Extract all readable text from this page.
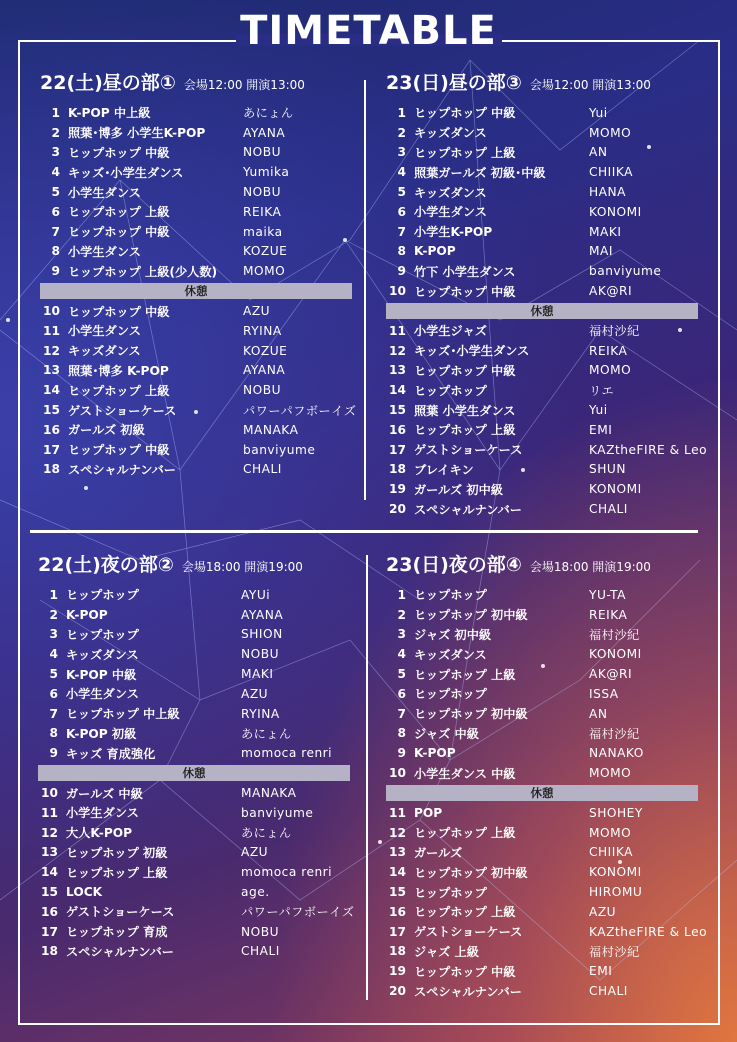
TIMETABLE
22(土)昼の部① 会場12:00 開演13:00
1 K-POP 中上級	あにょん
2 照葉･博多 小学生K-POP	AYANA
3 ヒップホップ 中級	NOBU
4 キッズ･小学生ダンス	Yumika
5 小学生ダンス	NOBU
6 ヒップホップ 上級	REIKA
7 ヒップホップ 中級	maika
8 小学生ダンス	KOZUE
9 ヒップホップ 上級(少人数) MOMO
休憩
10 ヒップホップ 中級	AZU
11 小学生ダンス	RYINA
12 キッズダンス	KOZUE
13 照葉･博多 K-POP	AYANA
14 ヒップホップ 上級	NOBU
15 ゲストショーケース	パワーパフボーイズ
16 ガールズ 初級	MANAKA
17 ヒップホップ 中級	banviyume
18 スペシャルナンバー	CHALI
23(日)昼の部③ 会場12:00 開演13:00
1 ヒップホップ 中級	Yui
2 キッズダンス	MOMO
3 ヒップホップ 上級	AN
4 照葉ガールズ 初級･中級	CHIIKA
5 キッズダンス	HANA
6 小学生ダンス	KONOMI
7 小学生K-POP	MAKI
8 K-POP	MAI
9 竹下 小学生ダンス	banviyume
10 ヒップホップ 中級	AK@RI
休憩
11 小学生ジャズ	福村沙紀
12 キッズ･小学生ダンス	REIKA
13 ヒップホップ 中級	MOMO
14 ヒップホップ	リエ
15 照葉 小学生ダンス	Yui
16 ヒップホップ 上級	EMI
17 ゲストショーケース	KAZtheFIRE & Leo
18 ブレイキン	SHUN
19 ガールズ 初中級	KONOMI
20 スペシャルナンバー	CHALI
22(土)夜の部② 会場18:00 開演19:00
1 ヒップホップ	AYUi
2 K-POP	AYANA
3 ヒップホップ	SHION
4 キッズダンス	NOBU
5 K-POP 中級	MAKI
6 小学生ダンス	AZU
7 ヒップホップ 中上級	RYINA
8 K-POP 初級	あにょん
9 キッズ 育成強化	momoca renri
休憩
10 ガールズ 中級	MANAKA
11 小学生ダンス	banviyume
12 大人K-POP	あにょん
13 ヒップホップ 初級	AZU
14 ヒップホップ 上級	momoca renri
15 LOCK	age.
16 ゲストショーケース	パワーパフボーイズ
17 ヒップホップ 育成	NOBU
18 スペシャルナンバー	CHALI
23(日)夜の部④ 会場18:00 開演19:00
1 ヒップホップ	YU-TA
2 ヒップホップ 初中級	REIKA
3 ジャズ 初中級	福村沙紀
4 キッズダンス	KONOMI
5 ヒップホップ 上級	AK@RI
6 ヒップホップ	ISSA
7 ヒップホップ 初中級	AN
8 ジャズ 中級	福村沙紀
9 K-POP	NANAKO
10 小学生ダンス 中級	MOMO
休憩
11 POP	SHOHEY
12 ヒップホップ 上級	MOMO
13 ガールズ	CHIIKA
14 ヒップホップ 初中級	KONOMI
15 ヒップホップ	HIROMU
16 ヒップホップ 上級	AZU
17 ゲストショーケース	KAZtheFIRE & Leo
18 ジャズ 上級	福村沙紀
19 ヒップホップ 中級	EMI
20 スペシャルナンバー	CHALI
